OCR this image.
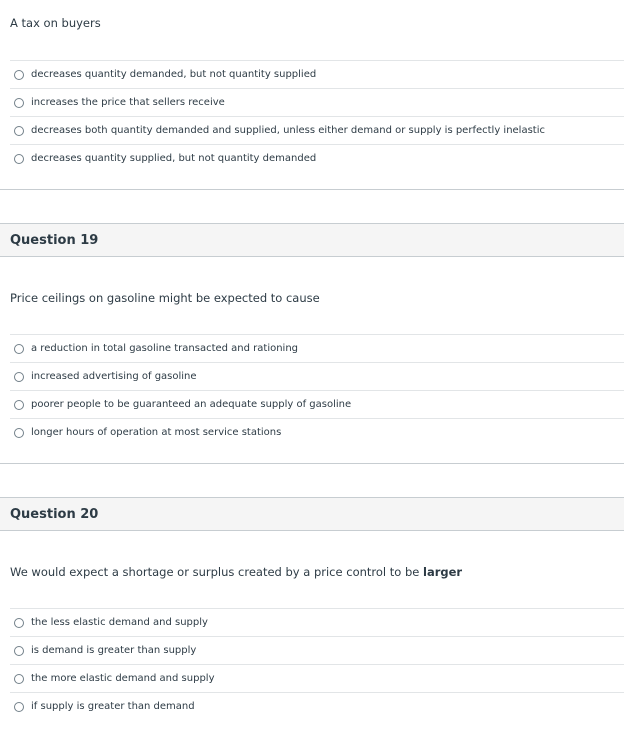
A tax on buyers
decreases quantity demanded, but not quantity supplied
increases the price that sellers receive
decreases both quantity demanded and supplied, unless either demand or supply is perfectly inelastic
decreases quantity supplied, but not quantity demanded
Question 19
Price ceilings on gasoline might be expected to cause
a reduction in total gasoline transacted and rationing
increased advertising of gasoline
poorer people to be guaranteed an adequate supply of gasoline
longer hours of operation at most service stations
Question 20
We would expect a shortage or surplus created by a price control to be larger
the less elastic demand and supply
is demand is greater than supply
the more elastic demand and supply
if supply is greater than demand
